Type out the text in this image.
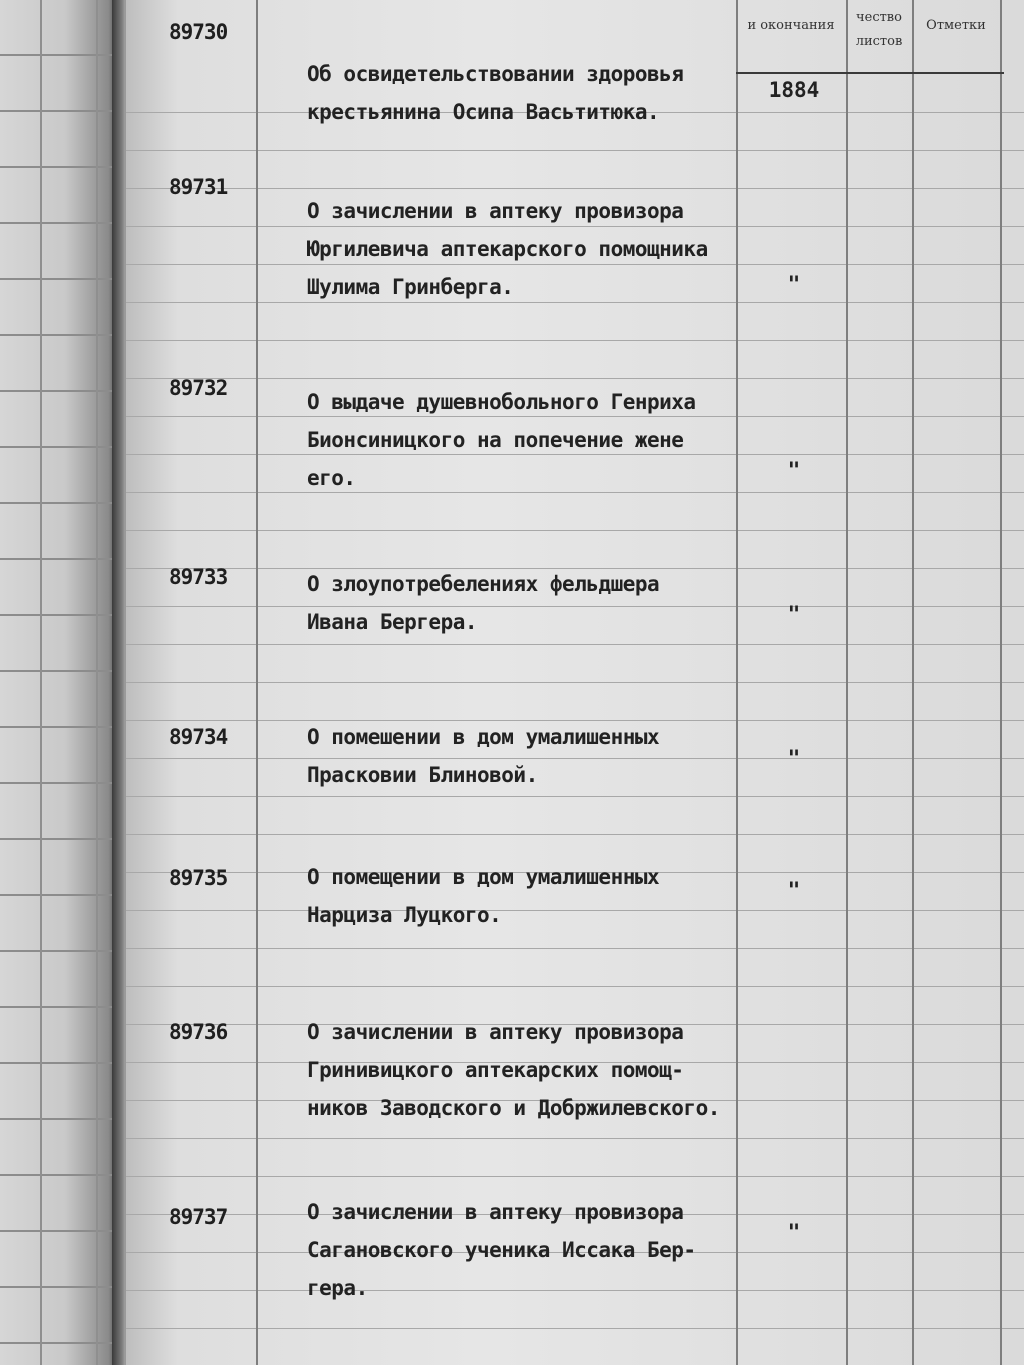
и окончания
чество
листов
Отметки
89730
Об освидетельствовании здоровья
крестьянина Осипа Васьтитюка.
1884
89731
О зачислении в аптеку провизора
Юргилевича аптекарского помощника
Шулима Гринберга.	"
89732
О выдаче душевнобольного Генриха
Бионсиницкого на попечение жене
его.	"
89733	О злоупотребелениях фельдшера
Ивана Бергера.	"
89734	О помешении в дом умалишенных
Прасковии Блиновой.
"
89735	О помещении в дом умалишенных
Нарциза Луцкого.
"
89736	О зачислении в аптеку провизора
Гринивицкого аптекарских помощ-
ников Заводского и Добржилевского.
89737	О зачислении в аптеку провизора
Сагановского ученика Иссака Бер-
гера.
"
